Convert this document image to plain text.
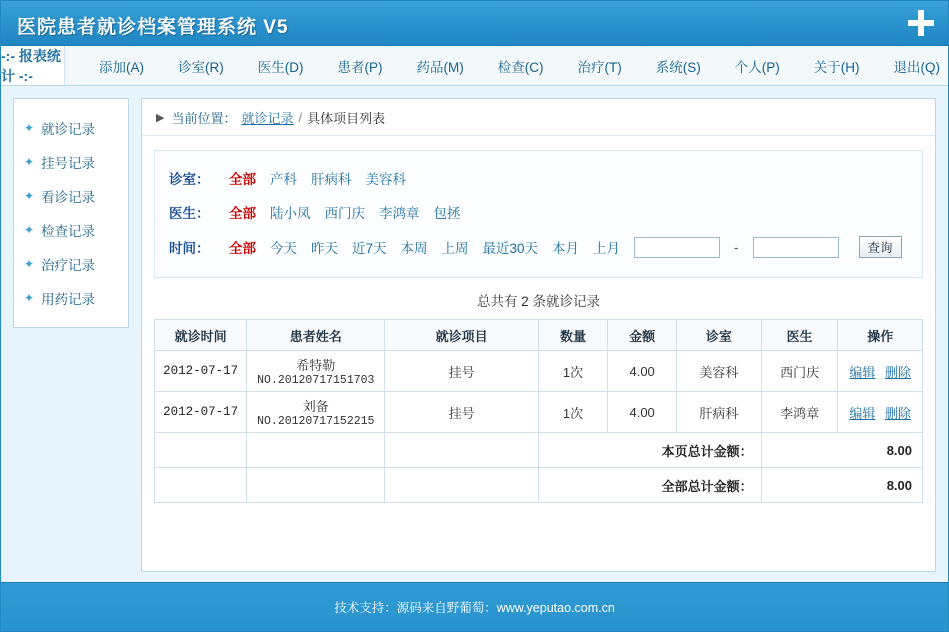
医院患者就诊档案管理系统 V5
-:- 报表统计 -:-
添加(A)	诊室(R)	医生(D)	患者(P)	药品(M)	检查(C)	治疗(T)	系统(S)	个人(P)	关于(H)	退出(Q)
✦ 就诊记录
✦ 挂号记录
✦ 看诊记录
✦ 检查记录
✦ 治疗记录
✦ 用药记录
▶ 当前位置： 就诊记录 / 具体项目列表
诊室：	全部 产科 肝病科 美容科
医生：	全部 陆小凤 西门庆 李鸿章 包拯
时间：	全部 今天 昨天 近7天 本周 上周 最近30天 本月 上月	-	查询
总共有 2 条就诊记录
就诊时间	患者姓名	就诊项目	数量	金额	诊室	医生	操作
2012-07-17	希特勒
NO.20120717151703	挂号	1次	4.00	美容科	西门庆	编辑 删除
2012-07-17	刘备
NO.20120717152215	挂号	1次	4.00	肝病科	李鸿章	编辑 删除
			本页总计金额：			8.00	
			全部总计金额：			8.00	
技术支持：源码来自野葡萄：www.yeputao.com.cn
